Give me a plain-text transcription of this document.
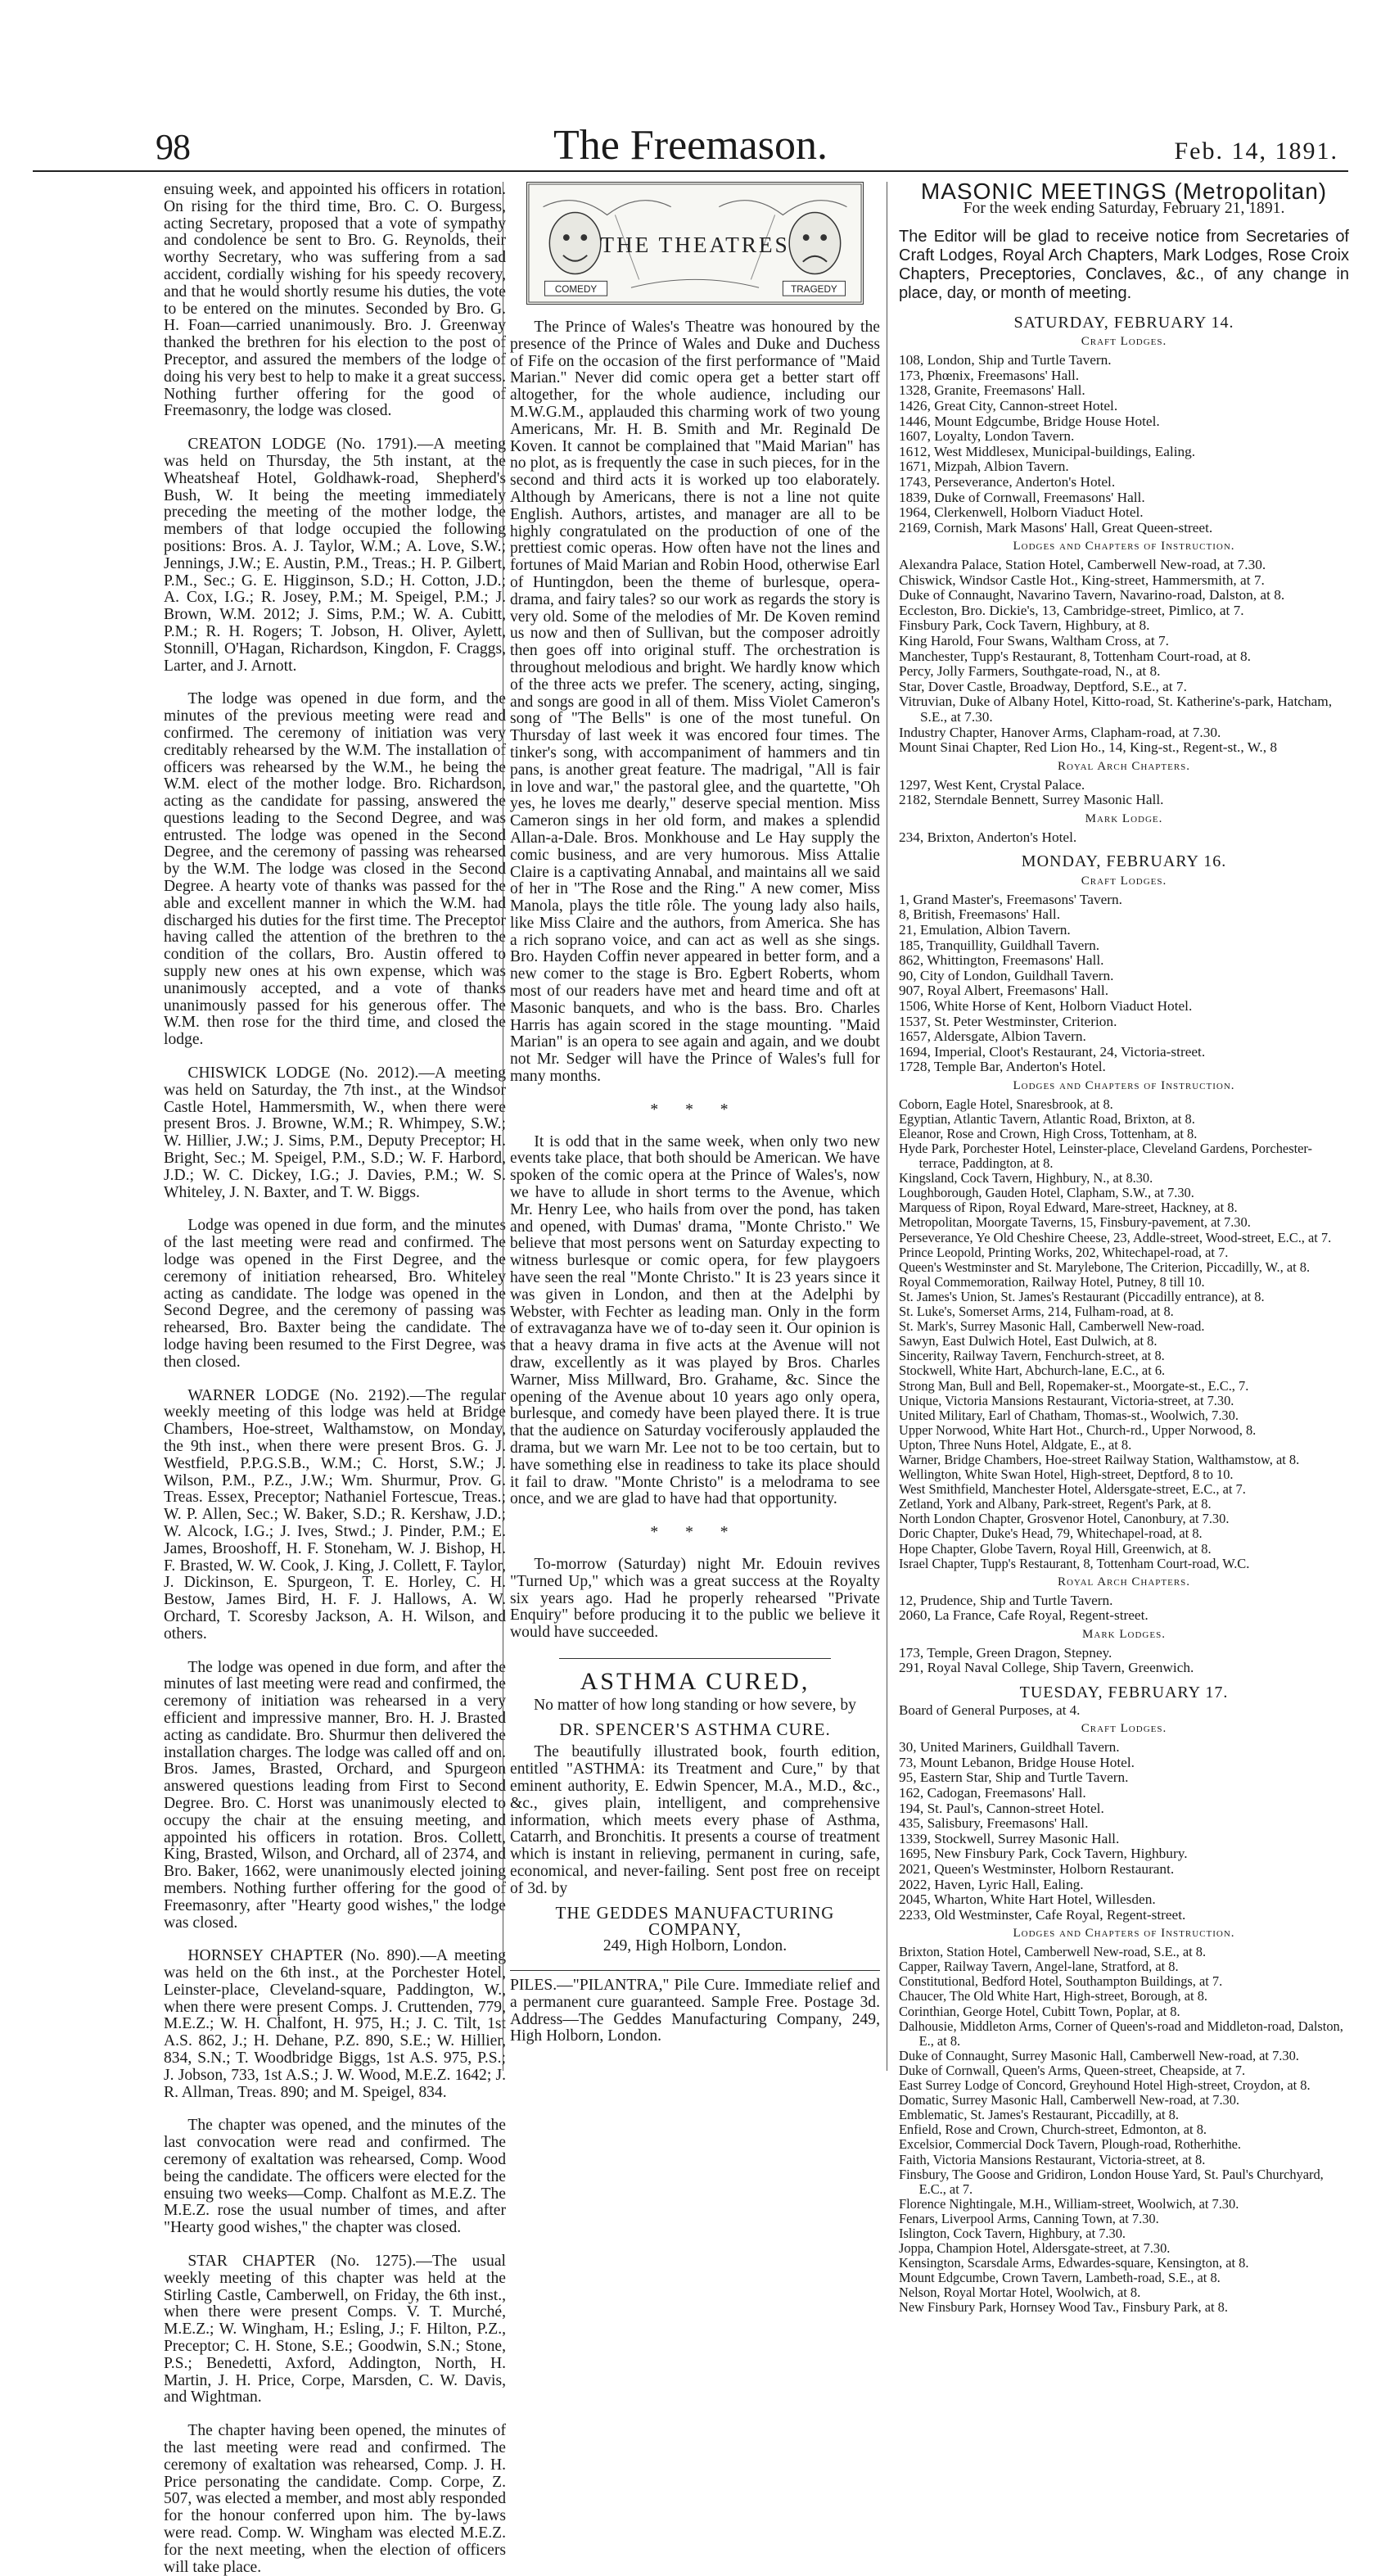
98	The Freemason.	Feb. 14, 1891.

ensuing week, and appointed his officers in rotation. On rising for the third time, Bro. C. O. Burgess, acting Secretary, proposed that a vote of sympathy and condolence be sent to Bro. G. Reynolds, their worthy Secretary, who was suffering from a sad accident, cordially wishing for his speedy recovery, and that he would shortly resume his duties, the vote to be entered on the minutes. Seconded by Bro. G. H. Foan—carried unanimously. Bro. J. Greenway thanked the brethren for his election to the post of Preceptor, and assured the members of the lodge of doing his very best to help to make it a great success. Nothing further offering for the good of Freemasonry, the lodge was closed.

CREATON LODGE (No. 1791).—A meeting was held on Thursday, the 5th instant, at the Wheatsheaf Hotel, Goldhawk-road, Shepherd's Bush, W. It being the meeting immediately preceding the meeting of the mother lodge, the members of that lodge occupied the following positions: Bros. A. J. Taylor, W.M.; A. Love, S.W.; Jennings, J.W.; E. Austin, P.M., Treas.; H. P. Gilbert, P.M., Sec.; G. E. Higginson, S.D.; H. Cotton, J.D.; A. Cox, I.G.; R. Josey, P.M.; M. Speigel, P.M.; J. Brown, W.M. 2012; J. Sims, P.M.; W. A. Cubitt, P.M.; R. H. Rogers; T. Jobson, H. Oliver, Aylett, Stonnill, O'Hagan, Richardson, Kingdon, F. Craggs, Larter, and J. Arnott.

The lodge was opened in due form, and the minutes of the previous meeting were read and confirmed. The ceremony of initiation was very creditably rehearsed by the W.M. The installation of officers was rehearsed by the W.M., he being the W.M. elect of the mother lodge. Bro. Richardson, acting as the candidate for passing, answered the questions leading to the Second Degree, and was entrusted. The lodge was opened in the Second Degree, and the ceremony of passing was rehearsed by the W.M. The lodge was closed in the Second Degree. A hearty vote of thanks was passed for the able and excellent manner in which the W.M. had discharged his duties for the first time. The Preceptor having called the attention of the brethren to the condition of the collars, Bro. Austin offered to supply new ones at his own expense, which was unanimously accepted, and a vote of thanks unanimously passed for his generous offer. The W.M. then rose for the third time, and closed the lodge.

CHISWICK LODGE (No. 2012).—A meeting was held on Saturday, the 7th inst., at the Windsor Castle Hotel, Hammersmith, W., when there were present Bros. J. Browne, W.M.; R. Whimpey, S.W.; W. Hillier, J.W.; J. Sims, P.M., Deputy Preceptor; H. Bright, Sec.; M. Speigel, P.M., S.D.; W. F. Harbord, J.D.; W. C. Dickey, I.G.; J. Davies, P.M.; W. S. Whiteley, J. N. Baxter, and T. W. Biggs.

Lodge was opened in due form, and the minutes of the last meeting were read and confirmed. The lodge was opened in the First Degree, and the ceremony of initiation rehearsed, Bro. Whiteley acting as candidate. The lodge was opened in the Second Degree, and the ceremony of passing was rehearsed, Bro. Baxter being the candidate. The lodge having been resumed to the First Degree, was then closed.

WARNER LODGE (No. 2192).—The regular weekly meeting of this lodge was held at Bridge Chambers, Hoe-street, Walthamstow, on Monday, the 9th inst., when there were present Bros. G. J. Westfield, P.P.G.S.B., W.M.; C. Horst, S.W.; J. Wilson, P.M., P.Z., J.W.; Wm. Shurmur, Prov. G. Treas. Essex, Preceptor; Nathaniel Fortescue, Treas.; W. P. Allen, Sec.; W. Baker, S.D.; R. Kershaw, J.D.; W. Alcock, I.G.; J. Ives, Stwd.; J. Pinder, P.M.; E. James, Brooshoff, H. F. Stoneham, W. J. Bishop, H. F. Brasted, W. W. Cook, J. King, J. Collett, F. Taylor, J. Dickinson, E. Spurgeon, T. E. Horley, C. H. Bestow, James Bird, H. F. J. Hallows, A. W. Orchard, T. Scoresby Jackson, A. H. Wilson, and others.

The lodge was opened in due form, and after the minutes of last meeting were read and confirmed, the ceremony of initiation was rehearsed in a very efficient and impressive manner, Bro. H. J. Brasted acting as candidate. Bro. Shurmur then delivered the installation charges. The lodge was called off and on. Bros. James, Brasted, Orchard, and Spurgeon answered questions leading from First to Second Degree. Bro. C. Horst was unanimously elected to occupy the chair at the ensuing meeting, and appointed his officers in rotation. Bros. Collett, King, Brasted, Wilson, and Orchard, all of 2374, and Bro. Baker, 1662, were unanimously elected joining members. Nothing further offering for the good of Freemasonry, after "Hearty good wishes," the lodge was closed.

HORNSEY CHAPTER (No. 890).—A meeting was held on the 6th inst., at the Porchester Hotel, Leinster-place, Cleveland-square, Paddington, W., when there were present Comps. J. Cruttenden, 779, M.E.Z.; W. H. Chalfont, H. 975, H.; J. C. Tilt, 1st A.S. 862, J.; H. Dehane, P.Z. 890, S.E.; W. Hillier, 834, S.N.; T. Woodbridge Biggs, 1st A.S. 975, P.S.; J. Jobson, 733, 1st A.S.; J. W. Wood, M.E.Z. 1642; J. R. Allman, Treas. 890; and M. Speigel, 834.

The chapter was opened, and the minutes of the last convocation were read and confirmed. The ceremony of exaltation was rehearsed, Comp. Wood being the candidate. The officers were elected for the ensuing two weeks—Comp. Chalfont as M.E.Z. The M.E.Z. rose the usual number of times, and after "Hearty good wishes," the chapter was closed.

STAR CHAPTER (No. 1275).—The usual weekly meeting of this chapter was held at the Stirling Castle, Camberwell, on Friday, the 6th inst., when there were present Comps. V. T. Murché, M.E.Z.; W. Wingham, H.; Esling, J.; F. Hilton, P.Z., Preceptor; C. H. Stone, S.E.; Goodwin, S.N.; Stone, P.S.; Benedetti, Axford, Addington, North, H. Martin, J. H. Price, Corpe, Marsden, C. W. Davis, and Wightman.

The chapter having been opened, the minutes of the last meeting were read and confirmed. The ceremony of exaltation was rehearsed, Comp. J. H. Price personating the candidate. Comp. Corpe, Z. 507, was elected a member, and most ably responded for the honour conferred upon him. The by-laws were read. Comp. W. Wingham was elected M.E.Z. for the next meeting, when the election of officers will take place.

THE THEATRES
COMEDY	TRAGEDY

The Prince of Wales's Theatre was honoured by the presence of the Prince of Wales and Duke and Duchess of Fife on the occasion of the first performance of "Maid Marian." Never did comic opera get a better start off altogether, for the whole audience, including our M.W.G.M., applauded this charming work of two young Americans, Mr. H. B. Smith and Mr. Reginald De Koven. It cannot be complained that "Maid Marian" has no plot, as is frequently the case in such pieces, for in the second and third acts it is worked up too elaborately. Although by Americans, there is not a line not quite English. Authors, artistes, and manager are all to be highly congratulated on the production of one of the prettiest comic operas. How often have not the lines and fortunes of Maid Marian and Robin Hood, otherwise Earl of Huntingdon, been the theme of burlesque, opera-drama, and fairy tales? so our work as regards the story is very old. Some of the melodies of Mr. De Koven remind us now and then of Sullivan, but the composer adroitly then goes off into original stuff. The orchestration is throughout melodious and bright. We hardly know which of the three acts we prefer. The scenery, acting, singing, and songs are good in all of them. Miss Violet Cameron's song of "The Bells" is one of the most tuneful. On Thursday of last week it was encored four times. The tinker's song, with accompaniment of hammers and tin pans, is another great feature. The madrigal, "All is fair in love and war," the pastoral glee, and the quartette, "Oh yes, he loves me dearly," deserve special mention. Miss Cameron sings in her old form, and makes a splendid Allan-a-Dale. Bros. Monkhouse and Le Hay supply the comic business, and are very humorous. Miss Attalie Claire is a captivating Annabal, and maintains all we said of her in "The Rose and the Ring." A new comer, Miss Manola, plays the title rôle. The young lady also hails, like Miss Claire and the authors, from America. She has a rich soprano voice, and can act as well as she sings. Bro. Hayden Coffin never appeared in better form, and a new comer to the stage is Bro. Egbert Roberts, whom most of our readers have met and heard time and oft at Masonic banquets, and who is the bass. Bro. Charles Harris has again scored in the stage mounting. "Maid Marian" is an opera to see again and again, and we doubt not Mr. Sedger will have the Prince of Wales's full for many months.

* * *

It is odd that in the same week, when only two new events take place, that both should be American. We have spoken of the comic opera at the Prince of Wales's, now we have to allude in short terms to the Avenue, which Mr. Henry Lee, who hails from over the pond, has taken and opened, with Dumas' drama, "Monte Christo." We believe that most persons went on Saturday expecting to witness burlesque or comic opera, for few playgoers have seen the real "Monte Christo." It is 23 years since it was given in London, and then at the Adelphi by Webster, with Fechter as leading man. Only in the form of extravaganza have we of to-day seen it. Our opinion is that a heavy drama in five acts at the Avenue will not draw, excellently as it was played by Bros. Charles Warner, Miss Millward, Bro. Grahame, &c. Since the opening of the Avenue about 10 years ago only opera, burlesque, and comedy have been played there. It is true that the audience on Saturday vociferously applauded the drama, but we warn Mr. Lee not to be too certain, but to have something else in readiness to take its place should it fail to draw. "Monte Christo" is a melodrama to see once, and we are glad to have had that opportunity.

* * *

To-morrow (Saturday) night Mr. Edouin revives "Turned Up," which was a great success at the Royalty six years ago. Had he properly rehearsed "Private Enquiry" before producing it to the public we believe it would have succeeded.

ASTHMA CURED,
No matter of how long standing or how severe, by
DR. SPENCER'S ASTHMA CURE.

The beautifully illustrated book, fourth edition, entitled "ASTHMA: its Treatment and Cure," by that eminent authority, E. Edwin Spencer, M.A., M.D., &c., &c., gives plain, intelligent, and comprehensive information, which meets every phase of Asthma, Catarrh, and Bronchitis. It presents a course of treatment which is instant in relieving, permanent in curing, safe, economical, and never-failing. Sent post free on receipt of 3d. by

THE GEDDES MANUFACTURING COMPANY,
249, High Holborn, London.

PILES.—"PILANTRA," Pile Cure. Immediate relief and a permanent cure guaranteed. Sample Free. Postage 3d. Address—The Geddes Manufacturing Company, 249, High Holborn, London.

MASONIC MEETINGS (Metropolitan)
For the week ending Saturday, February 21, 1891.

The Editor will be glad to receive notice from Secretaries of Craft Lodges, Royal Arch Chapters, Mark Lodges, Rose Croix Chapters, Preceptories, Conclaves, &c., of any change in place, day, or month of meeting.

SATURDAY, FEBRUARY 14.
Craft Lodges.
108, London, Ship and Turtle Tavern.
173, Phœnix, Freemasons' Hall.
1328, Granite, Freemasons' Hall.
1426, Great City, Cannon-street Hotel.
1446, Mount Edgcumbe, Bridge House Hotel.
1607, Loyalty, London Tavern.
1612, West Middlesex, Municipal-buildings, Ealing.
1671, Mizpah, Albion Tavern.
1743, Perseverance, Anderton's Hotel.
1839, Duke of Cornwall, Freemasons' Hall.
1964, Clerkenwell, Holborn Viaduct Hotel.
2169, Cornish, Mark Masons' Hall, Great Queen-street.
Lodges and Chapters of Instruction.
Alexandra Palace, Station Hotel, Camberwell New-road, at 7.30.
Chiswick, Windsor Castle Hot., King-street, Hammersmith, at 7.
Duke of Connaught, Navarino Tavern, Navarino-road, Dalston, at 8.
Eccleston, Bro. Dickie's, 13, Cambridge-street, Pimlico, at 7.
Finsbury Park, Cock Tavern, Highbury, at 8.
King Harold, Four Swans, Waltham Cross, at 7.
Manchester, Tupp's Restaurant, 8, Tottenham Court-road, at 8.
Percy, Jolly Farmers, Southgate-road, N., at 8.
Star, Dover Castle, Broadway, Deptford, S.E., at 7.
Vitruvian, Duke of Albany Hotel, Kitto-road, St. Katherine's-park, Hatcham, S.E., at 7.30.
Industry Chapter, Hanover Arms, Clapham-road, at 7.30.
Mount Sinai Chapter, Red Lion Ho., 14, King-st., Regent-st., W., 8
Royal Arch Chapters.
1297, West Kent, Crystal Palace.
2182, Sterndale Bennett, Surrey Masonic Hall.
Mark Lodge.
234, Brixton, Anderton's Hotel.
MONDAY, FEBRUARY 16.
Craft Lodges.
1, Grand Master's, Freemasons' Tavern.
8, British, Freemasons' Hall.
21, Emulation, Albion Tavern.
185, Tranquillity, Guildhall Tavern.
862, Whittington, Freemasons' Hall.
90, City of London, Guildhall Tavern.
907, Royal Albert, Freemasons' Hall.
1506, White Horse of Kent, Holborn Viaduct Hotel.
1537, St. Peter Westminster, Criterion.
1657, Aldersgate, Albion Tavern.
1694, Imperial, Cloot's Restaurant, 24, Victoria-street.
1728, Temple Bar, Anderton's Hotel.
Lodges and Chapters of Instruction.
Coborn, Eagle Hotel, Snaresbrook, at 8.
Egyptian, Atlantic Tavern, Atlantic Road, Brixton, at 8.
Eleanor, Rose and Crown, High Cross, Tottenham, at 8.
Hyde Park, Porchester Hotel, Leinster-place, Cleveland Gardens, Porchester-terrace, Paddington, at 8.
Kingsland, Cock Tavern, Highbury, N., at 8.30.
Loughborough, Gauden Hotel, Clapham, S.W., at 7.30.
Marquess of Ripon, Royal Edward, Mare-street, Hackney, at 8.
Metropolitan, Moorgate Taverns, 15, Finsbury-pavement, at 7.30.
Perseverance, Ye Old Cheshire Cheese, 23, Addle-street, Wood-street, E.C., at 7.
Prince Leopold, Printing Works, 202, Whitechapel-road, at 7.
Queen's Westminster and St. Marylebone, The Criterion, Piccadilly, W., at 8.
Royal Commemoration, Railway Hotel, Putney, 8 till 10.
St. James's Union, St. James's Restaurant (Piccadilly entrance), at 8.
St. Luke's, Somerset Arms, 214, Fulham-road, at 8.
St. Mark's, Surrey Masonic Hall, Camberwell New-road.
Sawyn, East Dulwich Hotel, East Dulwich, at 8.
Sincerity, Railway Tavern, Fenchurch-street, at 8.
Stockwell, White Hart, Abchurch-lane, E.C., at 6.
Strong Man, Bull and Bell, Ropemaker-st., Moorgate-st., E.C., 7.
Unique, Victoria Mansions Restaurant, Victoria-street, at 7.30.
United Military, Earl of Chatham, Thomas-st., Woolwich, 7.30.
Upper Norwood, White Hart Hot., Church-rd., Upper Norwood, 8.
Upton, Three Nuns Hotel, Aldgate, E., at 8.
Warner, Bridge Chambers, Hoe-street Railway Station, Walthamstow, at 8.
Wellington, White Swan Hotel, High-street, Deptford, 8 to 10.
West Smithfield, Manchester Hotel, Aldersgate-street, E.C., at 7.
Zetland, York and Albany, Park-street, Regent's Park, at 8.
North London Chapter, Grosvenor Hotel, Canonbury, at 7.30.
Doric Chapter, Duke's Head, 79, Whitechapel-road, at 8.
Hope Chapter, Globe Tavern, Royal Hill, Greenwich, at 8.
Israel Chapter, Tupp's Restaurant, 8, Tottenham Court-road, W.C.
Royal Arch Chapters.
12, Prudence, Ship and Turtle Tavern.
2060, La France, Cafe Royal, Regent-street.
Mark Lodges.
173, Temple, Green Dragon, Stepney.
291, Royal Naval College, Ship Tavern, Greenwich.
TUESDAY, FEBRUARY 17.
Board of General Purposes, at 4.
Craft Lodges.
30, United Mariners, Guildhall Tavern.
73, Mount Lebanon, Bridge House Hotel.
95, Eastern Star, Ship and Turtle Tavern.
162, Cadogan, Freemasons' Hall.
194, St. Paul's, Cannon-street Hotel.
435, Salisbury, Freemasons' Hall.
1339, Stockwell, Surrey Masonic Hall.
1695, New Finsbury Park, Cock Tavern, Highbury.
2021, Queen's Westminster, Holborn Restaurant.
2022, Haven, Lyric Hall, Ealing.
2045, Wharton, White Hart Hotel, Willesden.
2233, Old Westminster, Cafe Royal, Regent-street.
Lodges and Chapters of Instruction.
Brixton, Station Hotel, Camberwell New-road, S.E., at 8.
Capper, Railway Tavern, Angel-lane, Stratford, at 8.
Constitutional, Bedford Hotel, Southampton Buildings, at 7.
Chaucer, The Old White Hart, High-street, Borough, at 8.
Corinthian, George Hotel, Cubitt Town, Poplar, at 8.
Dalhousie, Middleton Arms, Corner of Queen's-road and Middleton-road, Dalston, E., at 8.
Duke of Connaught, Surrey Masonic Hall, Camberwell New-road, at 7.30.
Duke of Cornwall, Queen's Arms, Queen-street, Cheapside, at 7.
East Surrey Lodge of Concord, Greyhound Hotel High-street, Croydon, at 8.
Domatic, Surrey Masonic Hall, Camberwell New-road, at 7.30.
Emblematic, St. James's Restaurant, Piccadilly, at 8.
Enfield, Rose and Crown, Church-street, Edmonton, at 8.
Excelsior, Commercial Dock Tavern, Plough-road, Rotherhithe.
Faith, Victoria Mansions Restaurant, Victoria-street, at 8.
Finsbury, The Goose and Gridiron, London House Yard, St. Paul's Churchyard, E.C., at 7.
Florence Nightingale, M.H., William-street, Woolwich, at 7.30.
Fenars, Liverpool Arms, Canning Town, at 7.30.
Islington, Cock Tavern, Highbury, at 7.30.
Joppa, Champion Hotel, Aldersgate-street, at 7.30.
Kensington, Scarsdale Arms, Edwardes-square, Kensington, at 8.
Mount Edgcumbe, Crown Tavern, Lambeth-road, S.E., at 8.
Nelson, Royal Mortar Hotel, Woolwich, at 8.
New Finsbury Park, Hornsey Wood Tav., Finsbury Park, at 8.
